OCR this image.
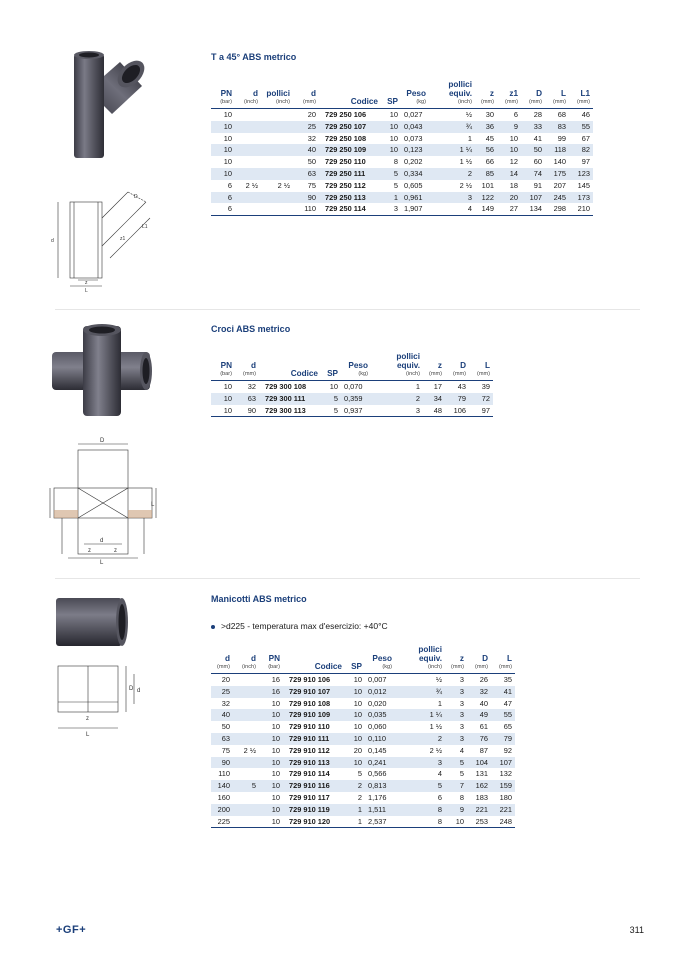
T a 45° ABS metrico
D
L1
z1
d
z
L
PN
(bar)	d
(inch)	pollici
(inch)	d
(mm)	Codice	SP	Peso
(kg)	pollici equiv.
(inch)	z
(mm)	z1
(mm)	D
(mm)	L
(mm)	L1
(mm)

10			20	729 250 106	10	0,027	½	30	6	28	68	46
10			25	729 250 107	10	0,043	¾	36	9	33	83	55
10			32	729 250 108	10	0,073	1	45	10	41	99	67
10			40	729 250 109	10	0,123	1 ¼	56	10	50	118	82
10			50	729 250 110	8	0,202	1 ½	66	12	60	140	97
10			63	729 250 111	5	0,334	2	85	14	74	175	123
6	2 ½	2 ½	75	729 250 112	5	0,605	2 ½	101	18	91	207	145
6			90	729 250 113	1	0,961	3	122	20	107	245	173
6			110	729 250 114	3	1,907	4	149	27	134	298	210
Croci ABS metrico
D
d
z
L
z
L
PN
(bar)	d
(mm)	Codice	SP	Peso
(kg)	pollici equiv.
(inch)	z
(mm)	D
(mm)	L
(mm)

10	32	729 300 108	10	0,070	1	17	43	39
10	63	729 300 111	5	0,359	2	34	79	72
10	90	729 300 113	5	0,937	3	48	106	97
Manicotti ABS metrico
>d225 - temperatura max d'esercizio: +40°C
D d
z
L
d
(mm)	d
(inch)	PN
(bar)	Codice	SP	Peso
(kg)	pollici equiv.
(inch)	z
(mm)	D
(mm)	L
(mm)

20		16	729 910 106	10	0,007	½	3	26	35
25		16	729 910 107	10	0,012	¾	3	32	41
32		10	729 910 108	10	0,020	1	3	40	47
40		10	729 910 109	10	0,035	1 ¼	3	49	55
50		10	729 910 110	10	0,060	1 ½	3	61	65
63		10	729 910 111	10	0,110	2	3	76	79
75	2 ½	10	729 910 112	20	0,145	2 ½	4	87	92
90		10	729 910 113	10	0,241	3	5	104	107
110		10	729 910 114	5	0,566	4	5	131	132
140	5	10	729 910 116	2	0,813	5	7	162	159
160		10	729 910 117	2	1,176	6	8	183	180
200		10	729 910 119	1	1,511	8	9	221	221
225		10	729 910 120	1	2,537	8	10	253	248
+GF+	311
